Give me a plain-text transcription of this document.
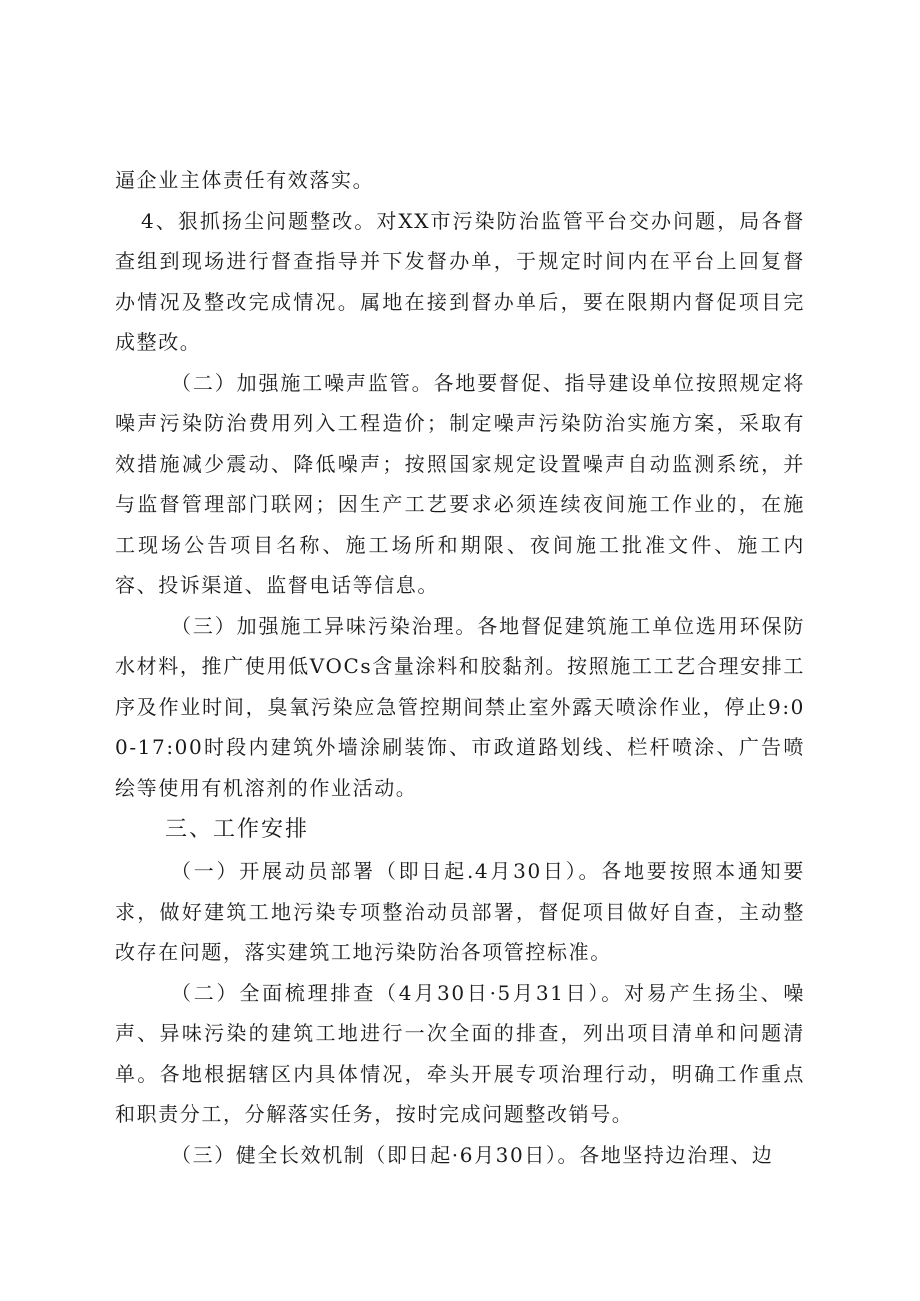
逼企业主体责任有效落实。

4、狠抓扬尘问题整改。对XX市污染防治监管平台交办问题，局各督查组到现场进行督查指导并下发督办单，于规定时间内在平台上回复督办情况及整改完成情况。属地在接到督办单后，要在限期内督促项目完成整改。

（二）加强施工噪声监管。各地要督促、指导建设单位按照规定将噪声污染防治费用列入工程造价；制定噪声污染防治实施方案，采取有效措施减少震动、降低噪声；按照国家规定设置噪声自动监测系统，并与监督管理部门联网；因生产工艺要求必须连续夜间施工作业的，在施工现场公告项目名称、施工场所和期限、夜间施工批准文件、施工内容、投诉渠道、监督电话等信息。

（三）加强施工异味污染治理。各地督促建筑施工单位选用环保防水材料，推广使用低VOCs含量涂料和胶黏剂。按照施工工艺合理安排工序及作业时间，臭氧污染应急管控期间禁止室外露天喷涂作业，停止9:00-17:00时段内建筑外墙涂刷装饰、市政道路划线、栏杆喷涂、广告喷绘等使用有机溶剂的作业活动。

三、工作安排

（一）开展动员部署（即日起.4月30日）。各地要按照本通知要求，做好建筑工地污染专项整治动员部署，督促项目做好自查，主动整改存在问题，落实建筑工地污染防治各项管控标准。

（二）全面梳理排查（4月30日·5月31日）。对易产生扬尘、噪声、异味污染的建筑工地进行一次全面的排查，列出项目清单和问题清单。各地根据辖区内具体情况，牵头开展专项治理行动，明确工作重点和职责分工，分解落实任务，按时完成问题整改销号。

（三）健全长效机制（即日起·6月30日）。各地坚持边治理、边
